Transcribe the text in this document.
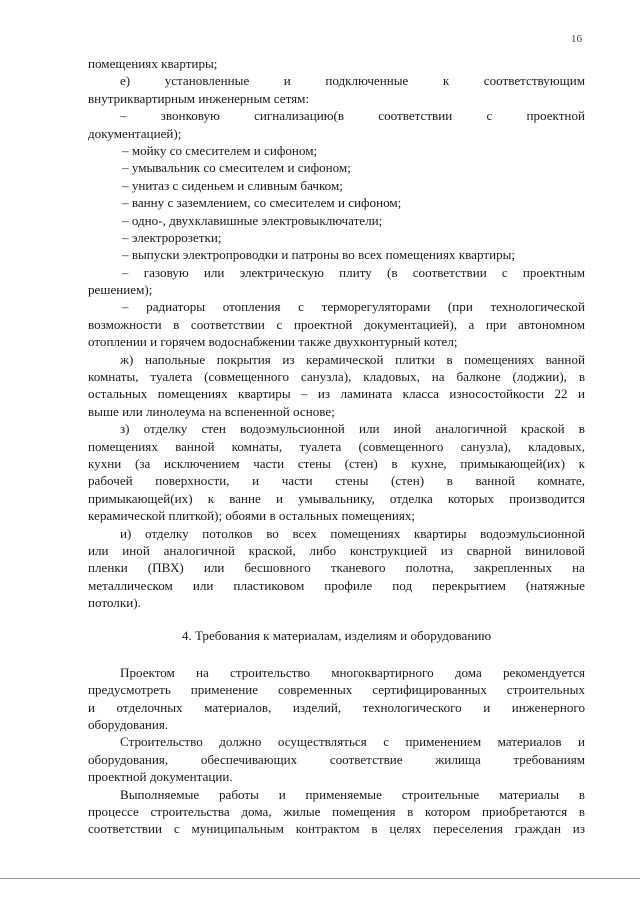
16
помещениях квартиры;
е) установленные и подключенные к соответствующим
внутриквартирным инженерным сетям:
– звонковую сигнализацию(в соответствии с проектной
документацией);
– мойку со смесителем и сифоном;
– умывальник со смесителем и сифоном;
– унитаз с сиденьем и сливным бачком;
– ванну с заземлением, со смесителем и сифоном;
– одно-, двухклавишные электровыключатели;
– электророзетки;
– выпуски электропроводки и патроны во всех помещениях квартиры;
– газовую или электрическую плиту (в соответствии с проектным
решением);
– радиаторы отопления с терморегуляторами (при технологической
возможности в соответствии с проектной документацией), а при автономном
отоплении и горячем водоснабжении также двухконтурный котел;
ж) напольные покрытия из керамической плитки в помещениях ванной
комнаты, туалета (совмещенного санузла), кладовых, на балконе (лоджии), в
остальных помещениях квартиры – из ламината класса износостойкости 22 и
выше или линолеума на вспененной основе;
з) отделку стен водоэмульсионной или иной аналогичной краской в
помещениях ванной комнаты, туалета (совмещенного санузла), кладовых,
кухни (за исключением части стены (стен) в кухне, примыкающей(их) к
рабочей поверхности, и части стены (стен) в ванной комнате,
примыкающей(их) к ванне и умывальнику, отделка которых производится
керамической плиткой); обоями в остальных помещениях;
и) отделку потолков во всех помещениях квартиры водоэмульсионной
или иной аналогичной краской, либо конструкцией из сварной виниловой
пленки (ПВХ) или бесшовного тканевого полотна, закрепленных на
металлическом или пластиковом профиле под перекрытием (натяжные
потолки).
4. Требования к материалам, изделиям и оборудованию
Проектом на строительство многоквартирного дома рекомендуется
предусмотреть применение современных сертифицированных строительных
и отделочных материалов, изделий, технологического и инженерного
оборудования.
Строительство должно осуществляться с применением материалов и
оборудования, обеспечивающих соответствие жилища требованиям
проектной документации.
Выполняемые работы и применяемые строительные материалы в
процессе строительства дома, жилые помещения в котором приобретаются в
соответствии с муниципальным контрактом в целях переселения граждан из
